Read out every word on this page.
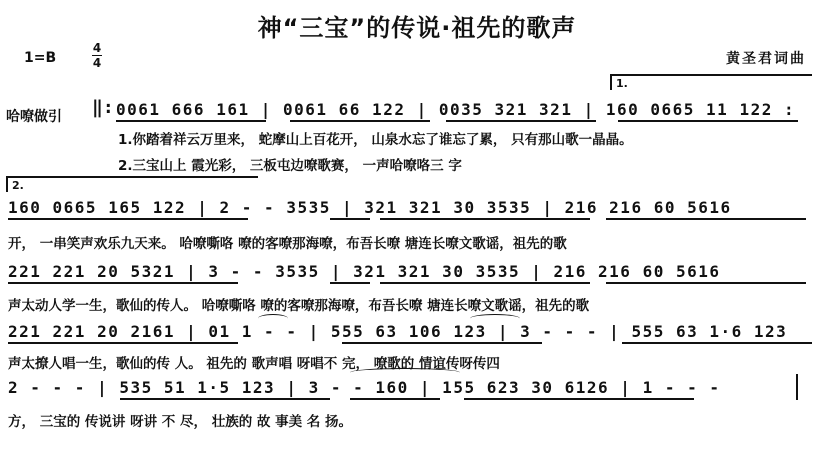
神“三宝”的传说·祖先的歌声
1=B
4
4	黄圣君词曲
哈嘹做引 ‖:
1.
0061 666 161 | 0061 66 122 | 0035 321 321 | 160 0665 11 122 :
1.你踏着祥云万里来， 蛇摩山上百花开， 山泉水忘了谁忘了累， 只有那山歌一晶晶。
2.三宝山上 霞光彩， 三板屯边嘹歌赛， 一声哈嘹咯三 字
2.
160 0665 165 122 | 2 - - 3535 | 321 321 30 3535 | 216 216 60 5616
开， 一串笑声欢乐九天来。 哈嘹嘶咯 嘹的客嘹那海嘹，布吾长嘹 塘连长嘹文歌谣，祖先的歌
221 221 20 5321 | 3 - - 3535 | 321 321 30 3535 | 216 216 60 5616
声太动人学一生，歌仙的传人。 哈嘹嘶咯 嘹的客嘹那海嘹，布吾长嘹 塘连长嘹文歌谣，祖先的歌
221 221 20 2161 | 01 1 - - | 555 63 106 123 | 3 - - - | 555 63 1·6 123
声太撩人唱一生，歌仙的传 人。 祖先的 歌声唱 呀唱不 完， 嘹歌的 情谊传呀传四
2 - - - | 535 51 1·5 123 | 3 - - 160 | 155 623 30 6126 | 1 - - -
方， 三宝的 传说讲 呀讲 不 尽， 壮族的 故 事美 名 扬。
